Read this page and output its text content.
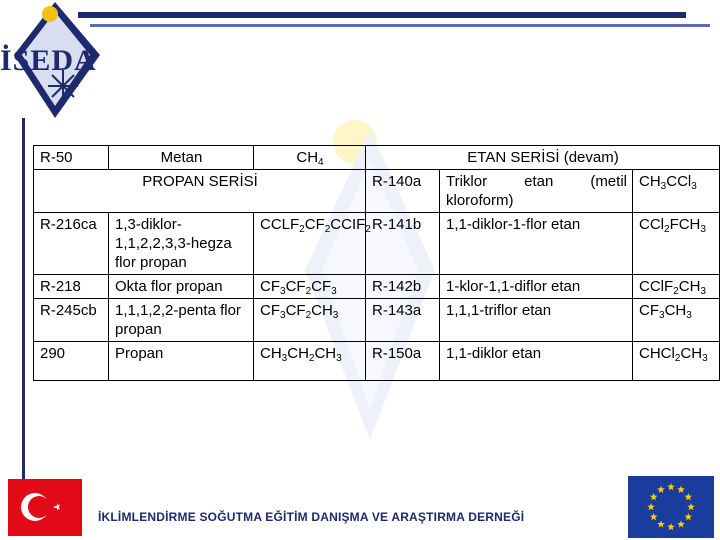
İSEDA
R-50	Metan	$CH_4$	ETAN SERİSİ (devam)		
PROPAN SERİSİ			R-140a	Triklor etan (metil kloroform)	$CH_3CCl_3$
R-216ca	1,3-diklor-1,1,2,2,3,3-hegza flor propan	$CCLF_2CF_2CCIF_2$	R-141b	1,1-diklor-1-flor etan	$CCl_2FCH_3$
R-218	Okta flor propan	$CF_3CF_2CF_3$	R-142b	1-klor-1,1-diflor etan	$CClF_2CH_3$
R-245cb	1,1,1,2,2-penta flor propan	$CF_3CF_2CH_3$	R-143a	1,1,1-triflor etan	$CF_3CH_3$
290	Propan	$CH_3CH_2CH_3$	R-150a	1,1-diklor etan	$CHCl_2CH_3$
İKLİMLENDİRME SOĞUTMA EĞİTİM DANIŞMA VE ARAŞTIRMA DERNEĞİ
